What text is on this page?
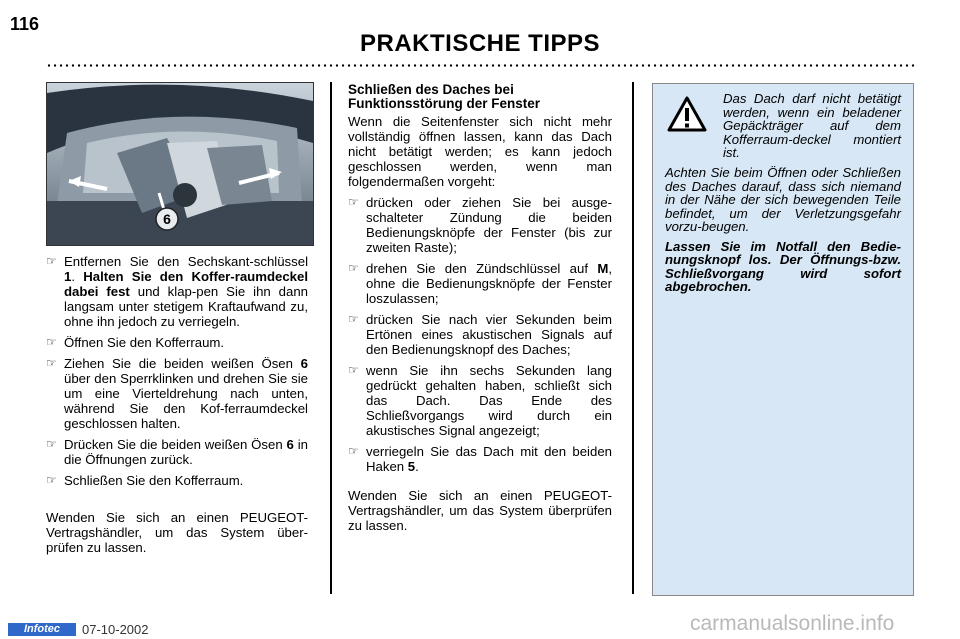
116
PRAKTISCHE TIPPS
6
☞ Entfernen Sie den Sechskant-schlüssel 1. Halten Sie den Koffer-raumdeckel dabei fest und klap-pen Sie ihn dann langsam unter stetigem Kraftaufwand zu, ohne ihn jedoch zu verriegeln.
☞ Öffnen Sie den Kofferraum.
☞ Ziehen Sie die beiden weißen Ösen 6 über den Sperrklinken und drehen Sie sie um eine Vierteldrehung nach unten, während Sie den Kof-ferraumdeckel geschlossen halten.
☞ Drücken Sie die beiden weißen Ösen 6 in die Öffnungen zurück.
☞ Schließen Sie den Kofferraum.

Wenden Sie sich an einen PEUGEOT-Vertragshändler, um das System über-prüfen zu lassen.

Schließen des Daches bei Funktionsstörung der Fenster

Wenn die Seitenfenster sich nicht mehr vollständig öffnen lassen, kann das Dach nicht betätigt werden; es kann jedoch geschlossen werden, wenn man folgendermaßen vorgeht:

☞ drücken oder ziehen Sie bei ausge-schalteter Zündung die beiden Bedienungsknöpfe der Fenster (bis zur zweiten Raste);
☞ drehen Sie den Zündschlüssel auf M, ohne die Bedienungsknöpfe der Fenster loszulassen;
☞ drücken Sie nach vier Sekunden beim Ertönen eines akustischen Signals auf den Bedienungsknopf des Daches;
☞ wenn Sie ihn sechs Sekunden lang gedrückt gehalten haben, schließt sich das Dach. Das Ende des Schließvorgangs wird durch ein akustisches Signal angezeigt;
☞ verriegeln Sie das Dach mit den beiden Haken 5.

Wenden Sie sich an einen PEUGEOT-Vertragshändler, um das System überprüfen zu lassen.

Das Dach darf nicht betätigt werden, wenn ein beladener Gepäckträger auf dem Kofferraum-deckel montiert ist.

Achten Sie beim Öffnen oder Schließen des Daches darauf, dass sich niemand in der Nähe der sich bewegenden Teile befindet, um der Verletzungsgefahr vorzu-beugen.

Lassen Sie im Notfall den Bedie-nungsknopf los. Der Öffnungs-bzw. Schließvorgang wird sofort abgebrochen.

Infotec	07-10-2002	carmanualsonline.info
